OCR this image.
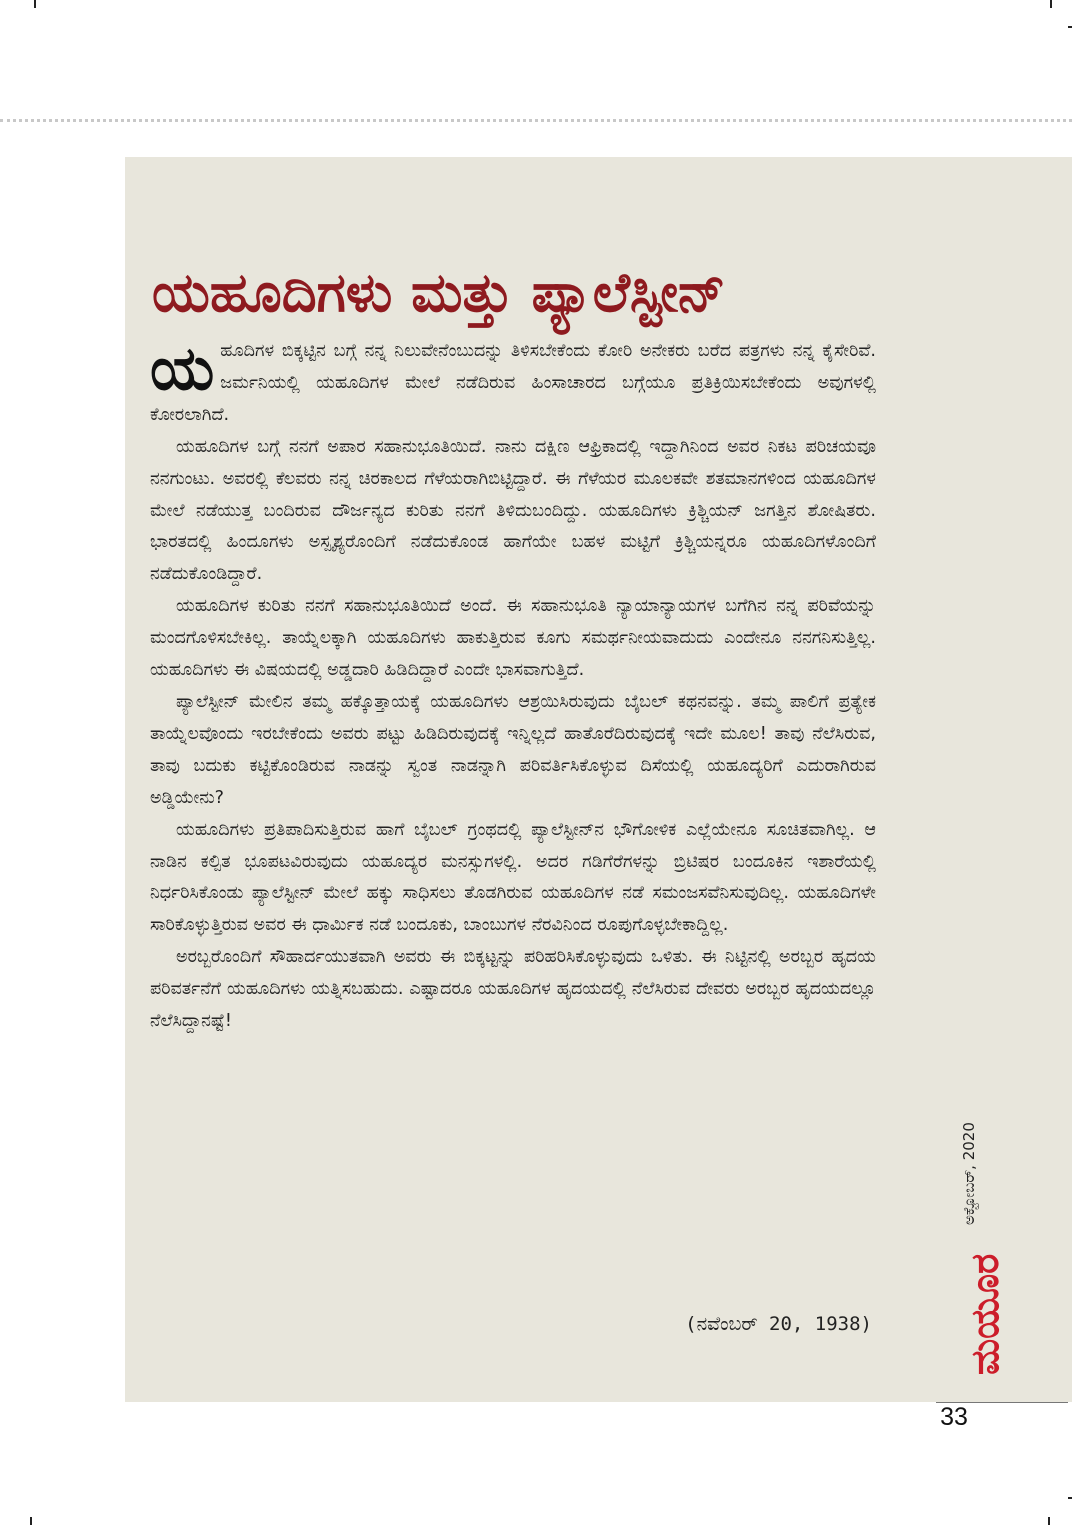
ಯಹೂದಿಗಳು ಮತ್ತು ಪ್ಯಾಲೆಸ್ಟೀನ್

ಯಹೂದಿಗಳ ಬಿಕ್ಕಟ್ಟಿನ ಬಗ್ಗೆ ನನ್ನ ನಿಲುವೇನೆಂಬುದನ್ನು ತಿಳಿಸಬೇಕೆಂದು ಕೋರಿ ಅನೇಕರು ಬರೆದ ಪತ್ರಗಳು ನನ್ನ ಕೈಸೇರಿವೆ. ಜರ್ಮನಿಯಲ್ಲಿ ಯಹೂದಿಗಳ ಮೇಲೆ ನಡೆದಿರುವ ಹಿಂಸಾಚಾರದ ಬಗ್ಗೆಯೂ ಪ್ರತಿಕ್ರಿಯಿಸಬೇಕೆಂದು ಅವುಗಳಲ್ಲಿ ಕೋರಲಾಗಿದೆ.

ಯಹೂದಿಗಳ ಬಗ್ಗೆ ನನಗೆ ಅಪಾರ ಸಹಾನುಭೂತಿಯಿದೆ. ನಾನು ದಕ್ಷಿಣ ಆಫ್ರಿಕಾದಲ್ಲಿ ಇದ್ದಾಗಿನಿಂದ ಅವರ ನಿಕಟ ಪರಿಚಯವೂ ನನಗುಂಟು. ಅವರಲ್ಲಿ ಕೆಲವರು ನನ್ನ ಚಿರಕಾಲದ ಗೆಳೆಯರಾಗಿಬಿಟ್ಟಿದ್ದಾರೆ. ಈ ಗೆಳೆಯರ ಮೂಲಕವೇ ಶತಮಾನಗಳಿಂದ ಯಹೂದಿಗಳ ಮೇಲೆ ನಡೆಯುತ್ತ ಬಂದಿರುವ ದೌರ್ಜನ್ಯದ ಕುರಿತು ನನಗೆ ತಿಳಿದುಬಂದಿದ್ದು. ಯಹೂದಿಗಳು ಕ್ರಿಶ್ಚಿಯನ್ ಜಗತ್ತಿನ ಶೋಷಿತರು. ಭಾರತದಲ್ಲಿ ಹಿಂದೂಗಳು ಅಸ್ಪೃಶ್ಯರೊಂದಿಗೆ ನಡೆದುಕೊಂಡ ಹಾಗೆಯೇ ಬಹಳ ಮಟ್ಟಿಗೆ ಕ್ರಿಶ್ಚಿಯನ್ನರೂ ಯಹೂದಿಗಳೊಂದಿಗೆ ನಡೆದುಕೊಂಡಿದ್ದಾರೆ.

ಯಹೂದಿಗಳ ಕುರಿತು ನನಗೆ ಸಹಾನುಭೂತಿಯಿದೆ ಅಂದೆ. ಈ ಸಹಾನುಭೂತಿ ನ್ಯಾಯಾನ್ಯಾಯಗಳ ಬಗೆಗಿನ ನನ್ನ ಪರಿವೆಯನ್ನು ಮಂದಗೊಳಿಸಬೇಕಿಲ್ಲ. ತಾಯ್ನೆಲಕ್ಕಾಗಿ ಯಹೂದಿಗಳು ಹಾಕುತ್ತಿರುವ ಕೂಗು ಸಮರ್ಥನೀಯವಾದುದು ಎಂದೇನೂ ನನಗನಿಸುತ್ತಿಲ್ಲ. ಯಹೂದಿಗಳು ಈ ವಿಷಯದಲ್ಲಿ ಅಡ್ಡದಾರಿ ಹಿಡಿದಿದ್ದಾರೆ ಎಂದೇ ಭಾಸವಾಗುತ್ತಿದೆ.

ಪ್ಯಾಲೆಸ್ಟೀನ್ ಮೇಲಿನ ತಮ್ಮ ಹಕ್ಕೊತ್ತಾಯಕ್ಕೆ ಯಹೂದಿಗಳು ಆಶ್ರಯಿಸಿರುವುದು ಬೈಬಲ್ ಕಥನವನ್ನು. ತಮ್ಮ ಪಾಲಿಗೆ ಪ್ರತ್ಯೇಕ ತಾಯ್ನೆಲವೊಂದು ಇರಬೇಕೆಂದು ಅವರು ಪಟ್ಟು ಹಿಡಿದಿರುವುದಕ್ಕೆ ಇನ್ನಿಲ್ಲದೆ ಹಾತೊರೆದಿರುವುದಕ್ಕೆ ಇದೇ ಮೂಲ! ತಾವು ನೆಲೆಸಿರುವ, ತಾವು ಬದುಕು ಕಟ್ಟಿಕೊಂಡಿರುವ ನಾಡನ್ನು ಸ್ವಂತ ನಾಡನ್ನಾಗಿ ಪರಿವರ್ತಿಸಿಕೊಳ್ಳುವ ದಿಸೆಯಲ್ಲಿ ಯಹೂದ್ಯರಿಗೆ ಎದುರಾಗಿರುವ ಅಡ್ಡಿಯೇನು?

ಯಹೂದಿಗಳು ಪ್ರತಿಪಾದಿಸುತ್ತಿರುವ ಹಾಗೆ ಬೈಬಲ್ ಗ್ರಂಥದಲ್ಲಿ ಪ್ಯಾಲೆಸ್ಟೀನ್‌ನ ಭೌಗೋಳಿಕ ಎಲ್ಲೆಯೇನೂ ಸೂಚಿತವಾಗಿಲ್ಲ. ಆ ನಾಡಿನ ಕಲ್ಪಿತ ಭೂಪಟವಿರುವುದು ಯಹೂದ್ಯರ ಮನಸ್ಸುಗಳಲ್ಲಿ. ಅದರ ಗಡಿಗೆರೆಗಳನ್ನು ಬ್ರಿಟಿಷರ ಬಂದೂಕಿನ ಇಶಾರೆಯಲ್ಲಿ ನಿರ್ಧರಿಸಿಕೊಂಡು ಪ್ಯಾಲೆಸ್ಟೀನ್ ಮೇಲೆ ಹಕ್ಕು ಸಾಧಿಸಲು ತೊಡಗಿರುವ ಯಹೂದಿಗಳ ನಡೆ ಸಮಂಜಸವೆನಿಸುವುದಿಲ್ಲ. ಯಹೂದಿಗಳೇ ಸಾರಿಕೊಳ್ಳುತ್ತಿರುವ ಅವರ ಈ ಧಾರ್ಮಿಕ ನಡೆ ಬಂದೂಕು, ಬಾಂಬುಗಳ ನೆರವಿನಿಂದ ರೂಪುಗೊಳ್ಳಬೇಕಾದ್ದಿಲ್ಲ.

ಅರಬ್ಬರೊಂದಿಗೆ ಸೌಹಾರ್ದಯುತವಾಗಿ ಅವರು ಈ ಬಿಕ್ಕಟ್ಟನ್ನು ಪರಿಹರಿಸಿಕೊಳ್ಳುವುದು ಒಳಿತು. ಈ ನಿಟ್ಟಿನಲ್ಲಿ ಅರಬ್ಬರ ಹೃದಯ ಪರಿವರ್ತನೆಗೆ ಯಹೂದಿಗಳು ಯತ್ನಿಸಬಹುದು. ಎಷ್ಟಾದರೂ ಯಹೂದಿಗಳ ಹೃದಯದಲ್ಲಿ ನೆಲೆಸಿರುವ ದೇವರು ಅರಬ್ಬರ ಹೃದಯದಲ್ಲೂ ನೆಲೆಸಿದ್ದಾನಷ್ಟೆ!

(ನವೆಂಬರ್ 20, 1938)
ಅಕ್ಟೋಬರ್, 2020
ಮಯೂರ
33
